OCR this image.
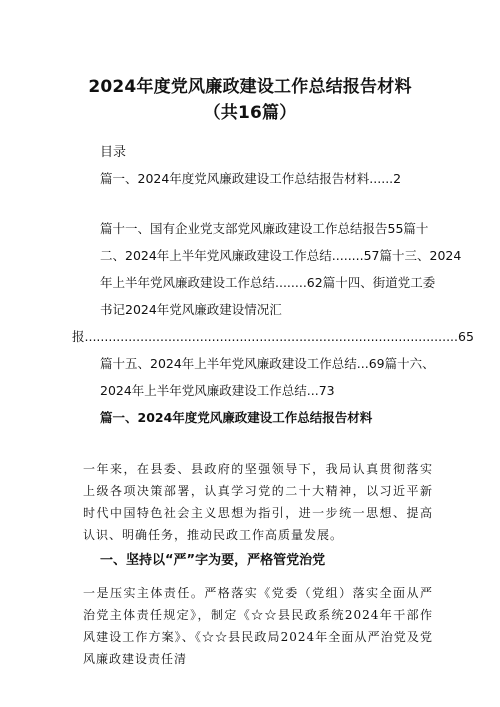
2024年度党风廉政建设工作总结报告材料
（共16篇）
目录
篇一、2024年度党风廉政建设工作总结报告材料......2
篇十一、国有企业党支部党风廉政建设工作总结报告55篇十
二、2024年上半年党风廉政建设工作总结........57篇十三、2024
年上半年党风廉政建设工作总结........62篇十四、街道党工委
书记2024年党风廉政建设情况汇
报..............................................................................................65
篇十五、2024年上半年党风廉政建设工作总结...69篇十六、
2024年上半年党风廉政建设工作总结...73
篇一、2024年度党风廉政建设工作总结报告材料
一年来，在县委、县政府的坚强领导下，我局认真贯彻落实上级各项决策部署，认真学习党的二十大精神，以习近平新时代中国特色社会主义思想为指引，进一步统一思想、提高认识、明确任务，推动民政工作高质量发展。
一、坚持以“严”字为要，严格管党治党
一是压实主体责任。严格落实《党委（党组）落实全面从严治党主体责任规定》，制定《☆☆县民政系统2024年干部作风建设工作方案》、《☆☆县民政局2024年全面从严治党及党风廉政建设责任清
